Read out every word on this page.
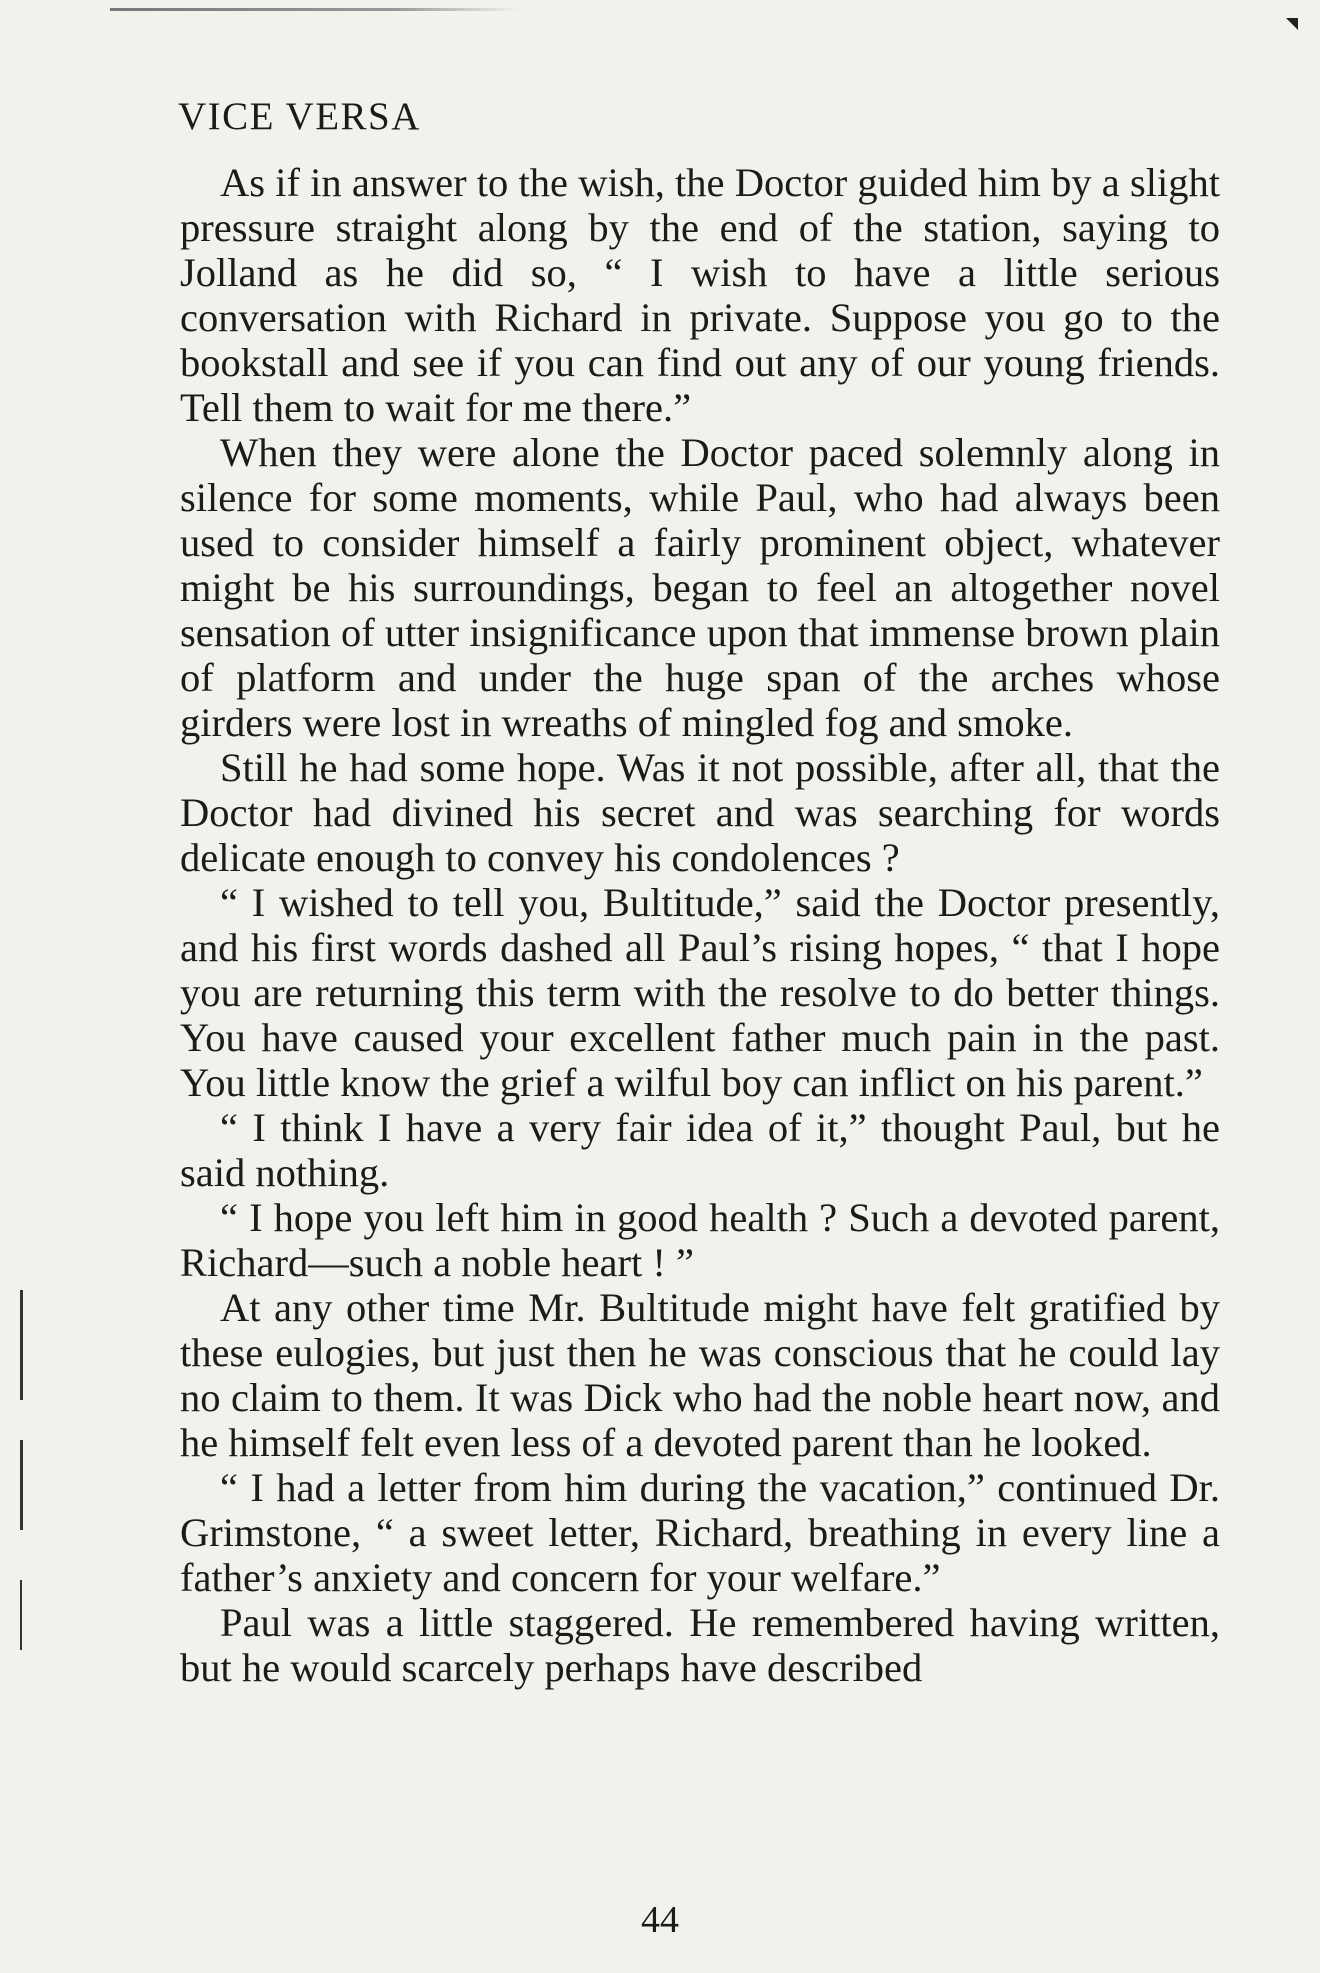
VICE VERSA

As if in answer to the wish, the Doctor guided him by a slight pressure straight along by the end of the station, saying to Jolland as he did so, “ I wish to have a little serious conversation with Richard in private. Suppose you go to the bookstall and see if you can find out any of our young friends. Tell them to wait for me there.”

When they were alone the Doctor paced solemnly along in silence for some moments, while Paul, who had always been used to consider himself a fairly prominent object, whatever might be his surroundings, began to feel an altogether novel sensation of utter insignificance upon that immense brown plain of platform and under the huge span of the arches whose girders were lost in wreaths of mingled fog and smoke.

Still he had some hope. Was it not possible, after all, that the Doctor had divined his secret and was searching for words delicate enough to convey his condolences ?

“ I wished to tell you, Bultitude,” said the Doctor presently, and his first words dashed all Paul’s rising hopes, “ that I hope you are returning this term with the resolve to do better things. You have caused your excellent father much pain in the past. You little know the grief a wilful boy can inflict on his parent.”

“ I think I have a very fair idea of it,” thought Paul, but he said nothing.

“ I hope you left him in good health ? Such a devoted parent, Richard—such a noble heart ! ”

At any other time Mr. Bultitude might have felt gratified by these eulogies, but just then he was conscious that he could lay no claim to them. It was Dick who had the noble heart now, and he himself felt even less of a devoted parent than he looked.

“ I had a letter from him during the vacation,” continued Dr. Grimstone, “ a sweet letter, Richard, breathing in every line a father’s anxiety and concern for your welfare.”

Paul was a little staggered. He remembered having written, but he would scarcely perhaps have described

44
